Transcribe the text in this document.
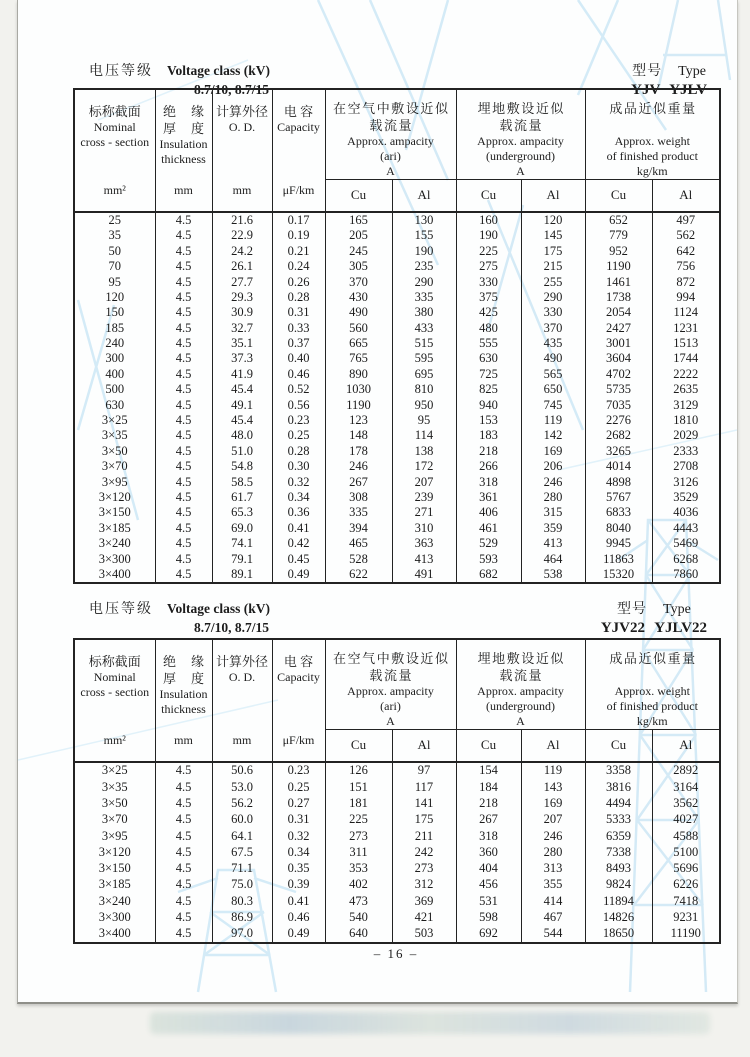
电压等级 Voltage class (kV)
8.7/10, 8.7/15
型号 Type
YJV YJLV
标称截面
Nominal
cross - section
mm²

绝 缘
厚 度
Insulation
thickness
mm

计算外径
O. D.
mm

电 容
Capacity
μF/km

在空气中敷设近似
载流量
Approx. ampacity
(ari)
A

埋地敷设近似
载流量
Approx. ampacity
(underground)
A

成品近似重量
Approx. weight
of finished product
kg/km

				Cu	Al	Cu	Al	Cu	Al
25	4.5	21.6	0.17	165	130	160	120	652	497
35	4.5	22.9	0.19	205	155	190	145	779	562
50	4.5	24.2	0.21	245	190	225	175	952	642
70	4.5	26.1	0.24	305	235	275	215	1190	756
95	4.5	27.7	0.26	370	290	330	255	1461	872
120	4.5	29.3	0.28	430	335	375	290	1738	994
150	4.5	30.9	0.31	490	380	425	330	2054	1124
185	4.5	32.7	0.33	560	433	480	370	2427	1231
240	4.5	35.1	0.37	665	515	555	435	3001	1513
300	4.5	37.3	0.40	765	595	630	490	3604	1744
400	4.5	41.9	0.46	890	695	725	565	4702	2222
500	4.5	45.4	0.52	1030	810	825	650	5735	2635
630	4.5	49.1	0.56	1190	950	940	745	7035	3129
3×25	4.5	45.4	0.23	123	95	153	119	2276	1810
3×35	4.5	48.0	0.25	148	114	183	142	2682	2029
3×50	4.5	51.0	0.28	178	138	218	169	3265	2333
3×70	4.5	54.8	0.30	246	172	266	206	4014	2708
3×95	4.5	58.5	0.32	267	207	318	246	4898	3126
3×120	4.5	61.7	0.34	308	239	361	280	5767	3529
3×150	4.5	65.3	0.36	335	271	406	315	6833	4036
3×185	4.5	69.0	0.41	394	310	461	359	8040	4443
3×240	4.5	74.1	0.42	465	363	529	413	9945	5469
3×300	4.5	79.1	0.45	528	413	593	464	11863	6268
3×400	4.5	89.1	0.49	622	491	682	538	15320	7860
电压等级 Voltage class (kV)
8.7/10, 8.7/15
型号 Type
YJV22 YJLV22
标称截面
Nominal
cross - section
mm²

绝 缘
厚 度
Insulation
thickness
mm

计算外径
O. D.
mm

电 容
Capacity
μF/km

在空气中敷设近似
载流量
Approx. ampacity
(ari)
A

埋地敷设近似
载流量
Approx. ampacity
(underground)
A

成品近似重量
Approx. weight
of finished product
kg/km

				Cu	Al	Cu	Al	Cu	Al
3×25	4.5	50.6	0.23	126	97	154	119	3358	2892
3×35	4.5	53.0	0.25	151	117	184	143	3816	3164
3×50	4.5	56.2	0.27	181	141	218	169	4494	3562
3×70	4.5	60.0	0.31	225	175	267	207	5333	4027
3×95	4.5	64.1	0.32	273	211	318	246	6359	4588
3×120	4.5	67.5	0.34	311	242	360	280	7338	5100
3×150	4.5	71.1	0.35	353	273	404	313	8493	5696
3×185	4.5	75.0	0.39	402	312	456	355	9824	6226
3×240	4.5	80.3	0.41	473	369	531	414	11894	7418
3×300	4.5	86.9	0.46	540	421	598	467	14826	9231
3×400	4.5	97.0	0.49	640	503	692	544	18650	11190
– 16 –
